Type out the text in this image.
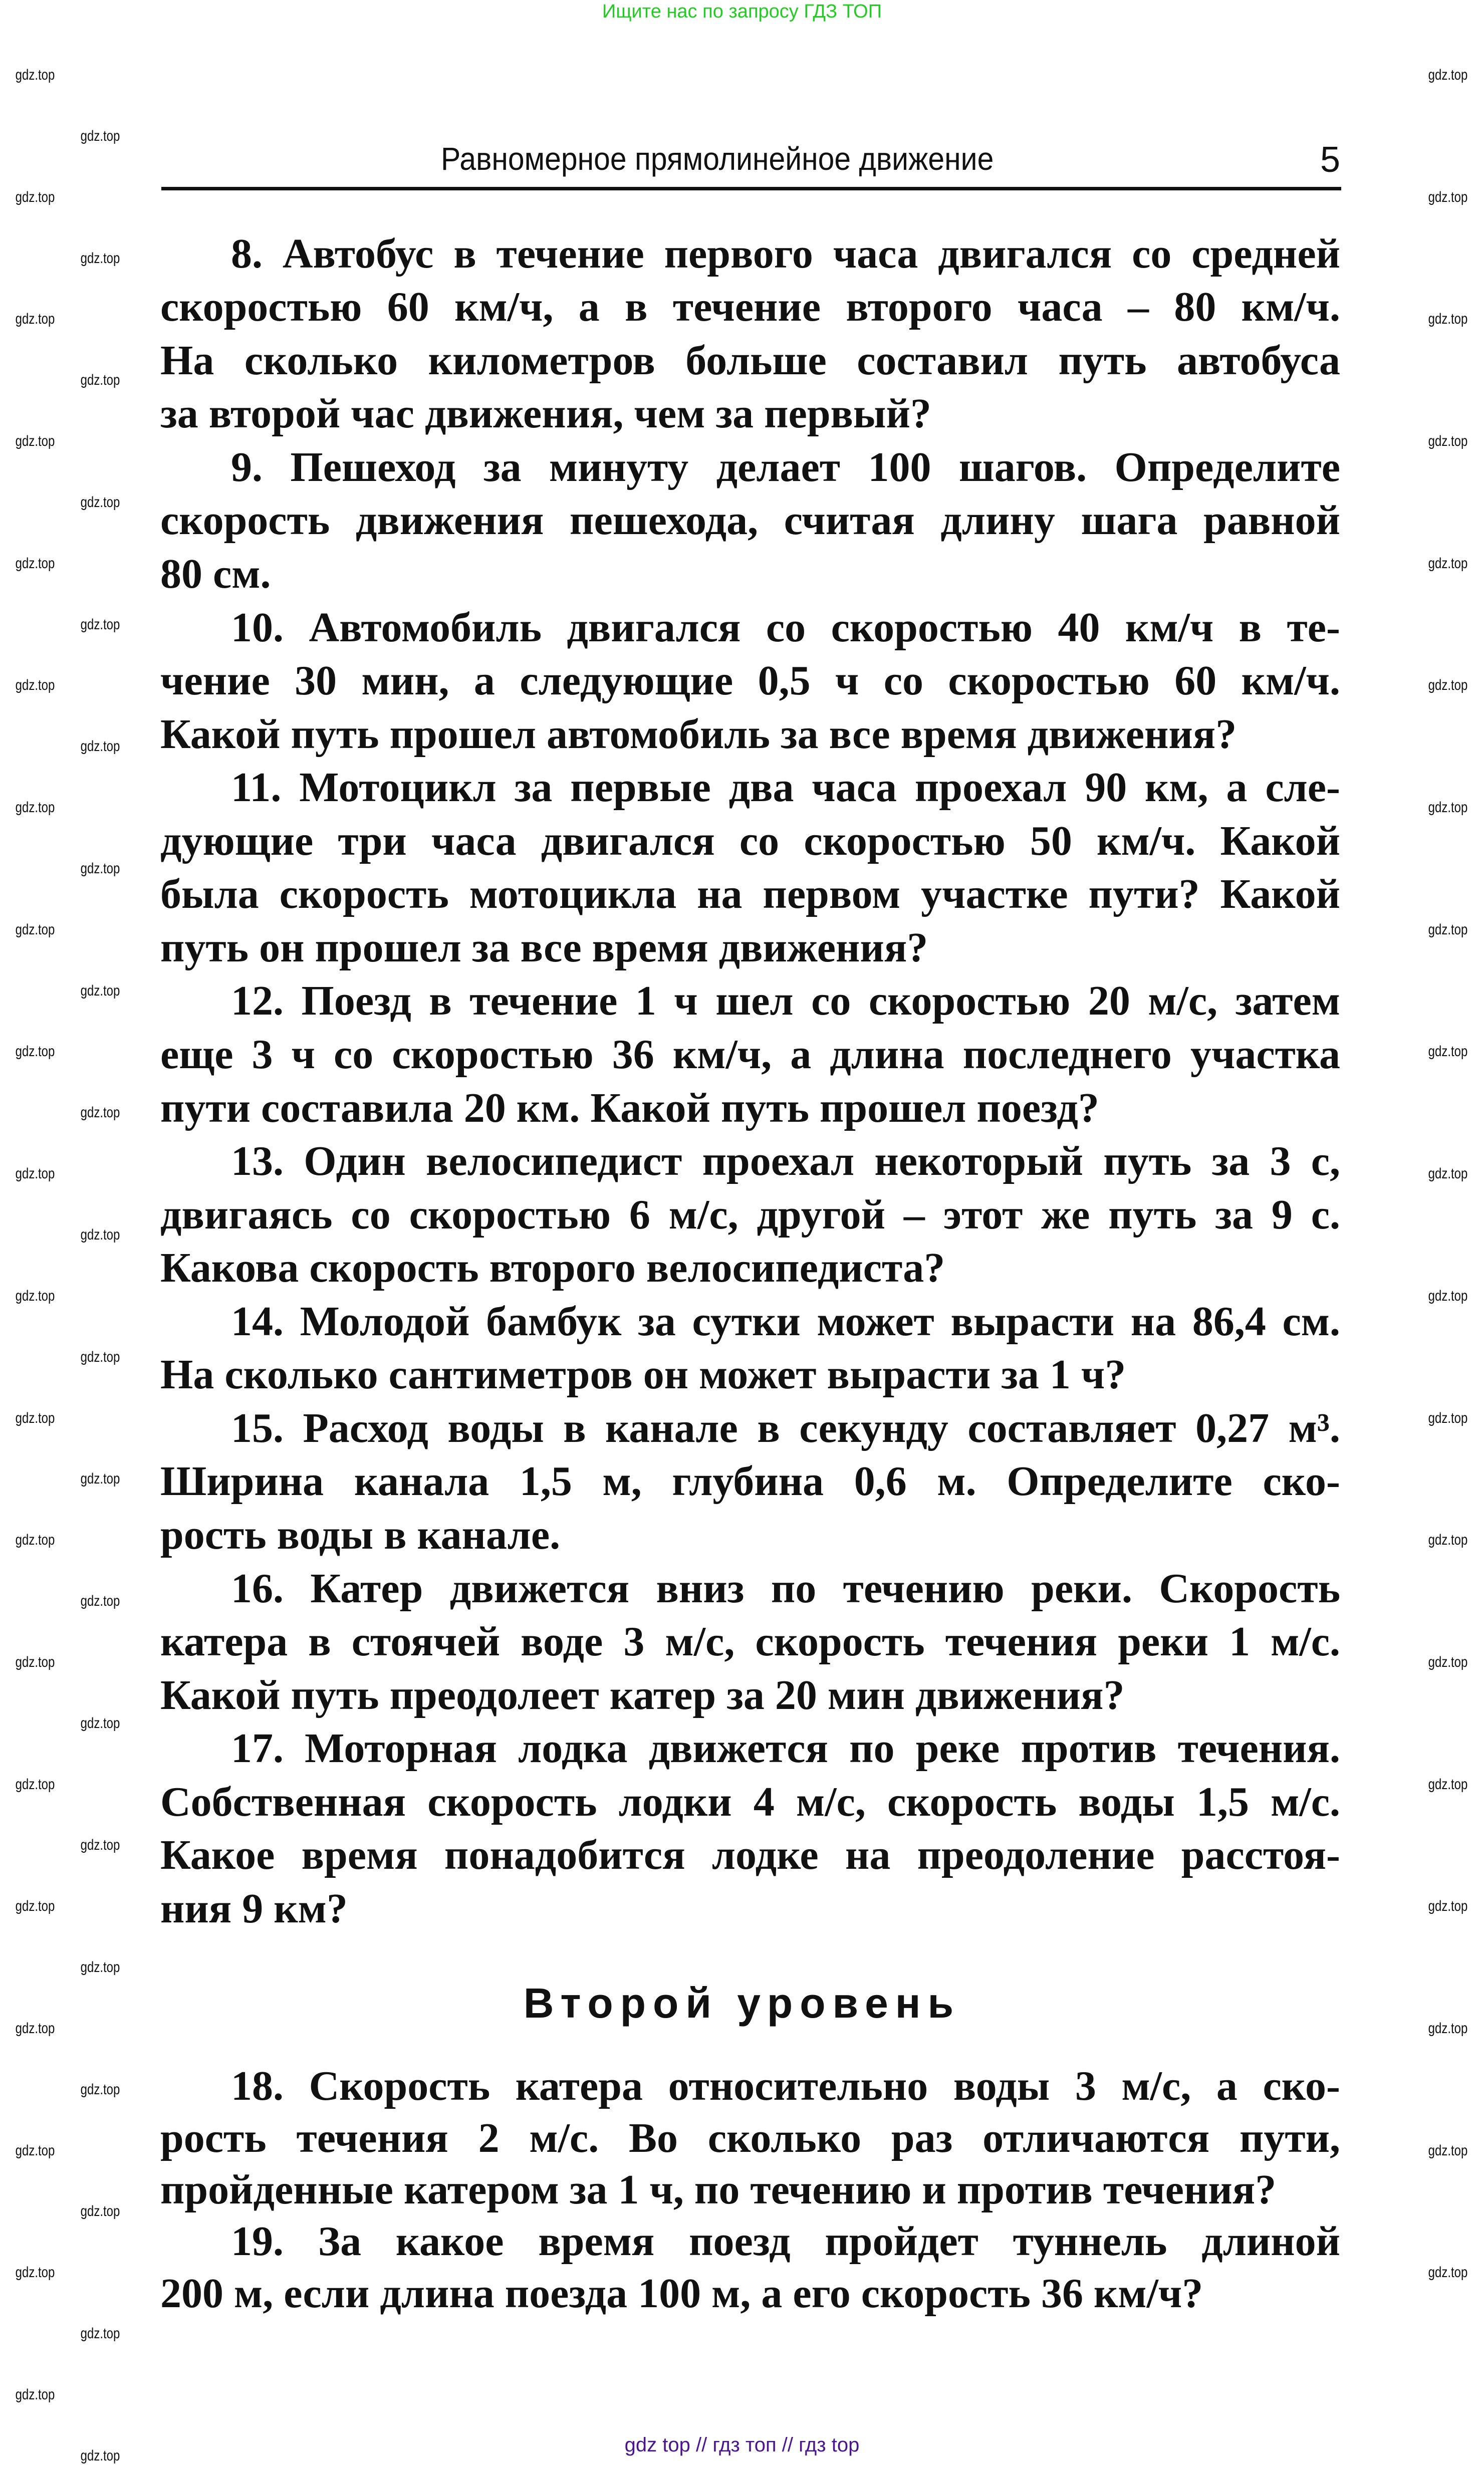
Ищите нас по запросу ГДЗ ТОП
Равномерное прямолинейное движение	5
8. Автобус в течение первого часа двигался со средней
скоростью 60 км/ч, а в течение второго часа – 80 км/ч.
На сколько километров больше составил путь автобуса
за второй час движения, чем за первый?
9. Пешеход за минуту делает 100 шагов. Определите
скорость движения пешехода, считая длину шага равной
80 см.
10. Автомобиль двигался со скоростью 40 км/ч в те-
чение 30 мин, а следующие 0,5 ч со скоростью 60 км/ч.
Какой путь прошел автомобиль за все время движения?
11. Мотоцикл за первые два часа проехал 90 км, а сле-
дующие три часа двигался со скоростью 50 км/ч. Какой
была скорость мотоцикла на первом участке пути? Какой
путь он прошел за все время движения?
12. Поезд в течение 1 ч шел со скоростью 20 м/с, затем
еще 3 ч со скоростью 36 км/ч, а длина последнего участка
пути составила 20 км. Какой путь прошел поезд?
13. Один велосипедист проехал некоторый путь за 3 с,
двигаясь со скоростью 6 м/с, другой – этот же путь за 9 с.
Какова скорость второго велосипедиста?
14. Молодой бамбук за сутки может вырасти на 86,4 см.
На сколько сантиметров он может вырасти за 1 ч?
15. Расход воды в канале в секунду составляет 0,27 м³.
Ширина канала 1,5 м, глубина 0,6 м. Определите ско-
рость воды в канале.
16. Катер движется вниз по течению реки. Скорость
катера в стоячей воде 3 м/с, скорость течения реки 1 м/с.
Какой путь преодолеет катер за 20 мин движения?
17. Моторная лодка движется по реке против течения.
Собственная скорость лодки 4 м/с, скорость воды 1,5 м/с.
Какое время понадобится лодке на преодоление расстоя-
ния 9 км?
18. Скорость катера относительно воды 3 м/с, а ско-
рость течения 2 м/с. Во сколько раз отличаются пути,
пройденные катером за 1 ч, по течению и против течения?
19. За какое время поезд пройдет туннель длиной
200 м, если длина поезда 100 м, а его скорость 36 км/ч?
Второй уровень
gdz.top
gdz.top
gdz.top
gdz.top
gdz.top
gdz.top
gdz.top
gdz.top
gdz.top
gdz.top
gdz.top
gdz.top
gdz.top
gdz.top
gdz.top
gdz.top
gdz.top
gdz.top
gdz.top
gdz.top
gdz.top
gdz.top
gdz.top
gdz.top
gdz.top
gdz.top
gdz.top
gdz.top
gdz.top
gdz.top
gdz.top
gdz.top
gdz.top
gdz.top
gdz.top
gdz.top
gdz.top
gdz.top
gdz.top
gdz.top
gdz.top
gdz.top
gdz.top
gdz.top
gdz.top
gdz.top
gdz.top
gdz.top
gdz.top
gdz.top
gdz.top
gdz.top
gdz.top
gdz.top
gdz.top
gdz.top
gdz.top
gdz.top
gdz.top	gdz top // гдз топ // гдз top
